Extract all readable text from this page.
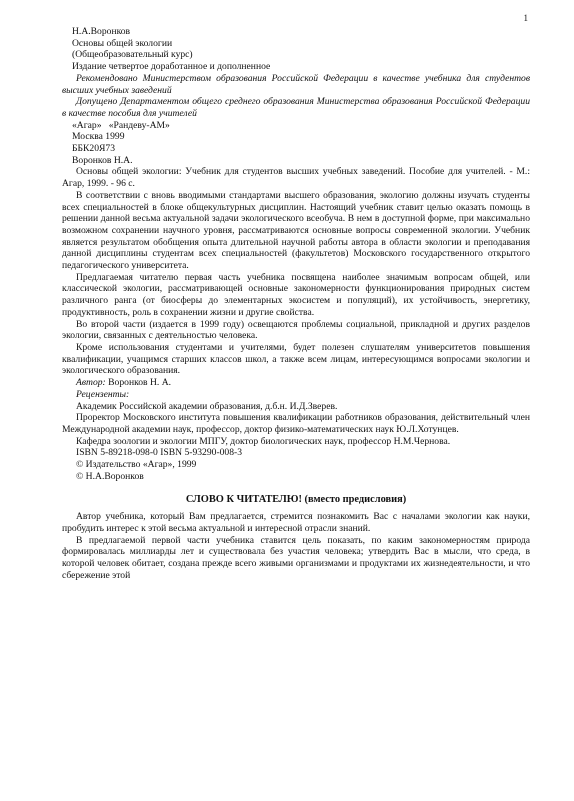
1
Н.А.Воронков
Основы общей экологии
(Общеобразовательный курс)
Издание четвертое доработанное и дополненное

Рекомендовано Министерством образования Российской Федерации в качестве учебника для студентов высших учебных заведений

Допущено Департаментом общего среднего образования Министерства образования Российской Федерации в качестве пособия для учителей

«Агар»   «Рандеву-АМ»
Москва 1999
ББК20Я73
Воронков Н.А.

Основы общей экологии: Учебник для студентов высших учебных заведений. Пособие для учителей. - М.: Агар, 1999. - 96 с.

В соответствии с вновь вводимыми стандартами высшего образования, экологию должны изучать студенты всех специальностей в блоке общекультурных дисциплин. Настоящий учебник ставит целью оказать помощь в решении данной весьма актуальной задачи экологического всеобуча. В нем в доступной форме, при максимально возможном сохранении научного уровня, рассматриваются основные вопросы современной экологии. Учебник является результатом обобщения опыта длительной научной работы автора в области экологии и преподавания данной дисциплины студентам всех специальностей (факультетов) Московского государственного открытого педагогического университета.

Предлагаемая читателю первая часть учебника посвящена наиболее значимым вопросам общей, или классической экологии, рассматривающей основные закономерности функционирования природных систем различного ранга (от биосферы до элементарных экосистем и популяций), их устойчивость, энергетику, продуктивность, роль в сохранении жизни и другие свойства.

Во второй части (издается в 1999 году) освещаются проблемы социальной, прикладной и других разделов экологии, связанных с деятельностью человека.

Кроме использования студентами и учителями, будет полезен слушателям университетов повышения квалификации, учащимся старших классов школ, а также всем лицам, интересующимся вопросами экологии и экологического образования.

Автор: Воронков Н. А.
Рецензенты:

Академик Российской академии образования, д.б.н. И.Д.Зверев.

Проректор Московского института повышения квалификации работников образования, действительный член Международной академии наук, профессор, доктор физико-математических наук Ю.Л.Хотунцев.

Кафедра зоологии и экологии МПГУ, доктор биологических наук, профессор Н.М.Чернова.

ISBN 5-89218-098-0 ISBN 5-93290-008-3
© Издательство «Агар», 1999
© Н.А.Воронков
СЛОВО К ЧИТАТЕЛЮ! (вместо предисловия)

Автор учебника, который Вам предлагается, стремится познакомить Вас с началами экологии как науки, пробудить интерес к этой весьма актуальной и интересной отрасли знаний.

В предлагаемой первой части учебника ставится цель показать, по каким закономерностям природа формировалась миллиарды лет и существовала без участия человека; утвердить Вас в мысли, что среда, в которой человек обитает, создана прежде всего живыми организмами и продуктами их жизнедеятельности, и что сбережение этой
